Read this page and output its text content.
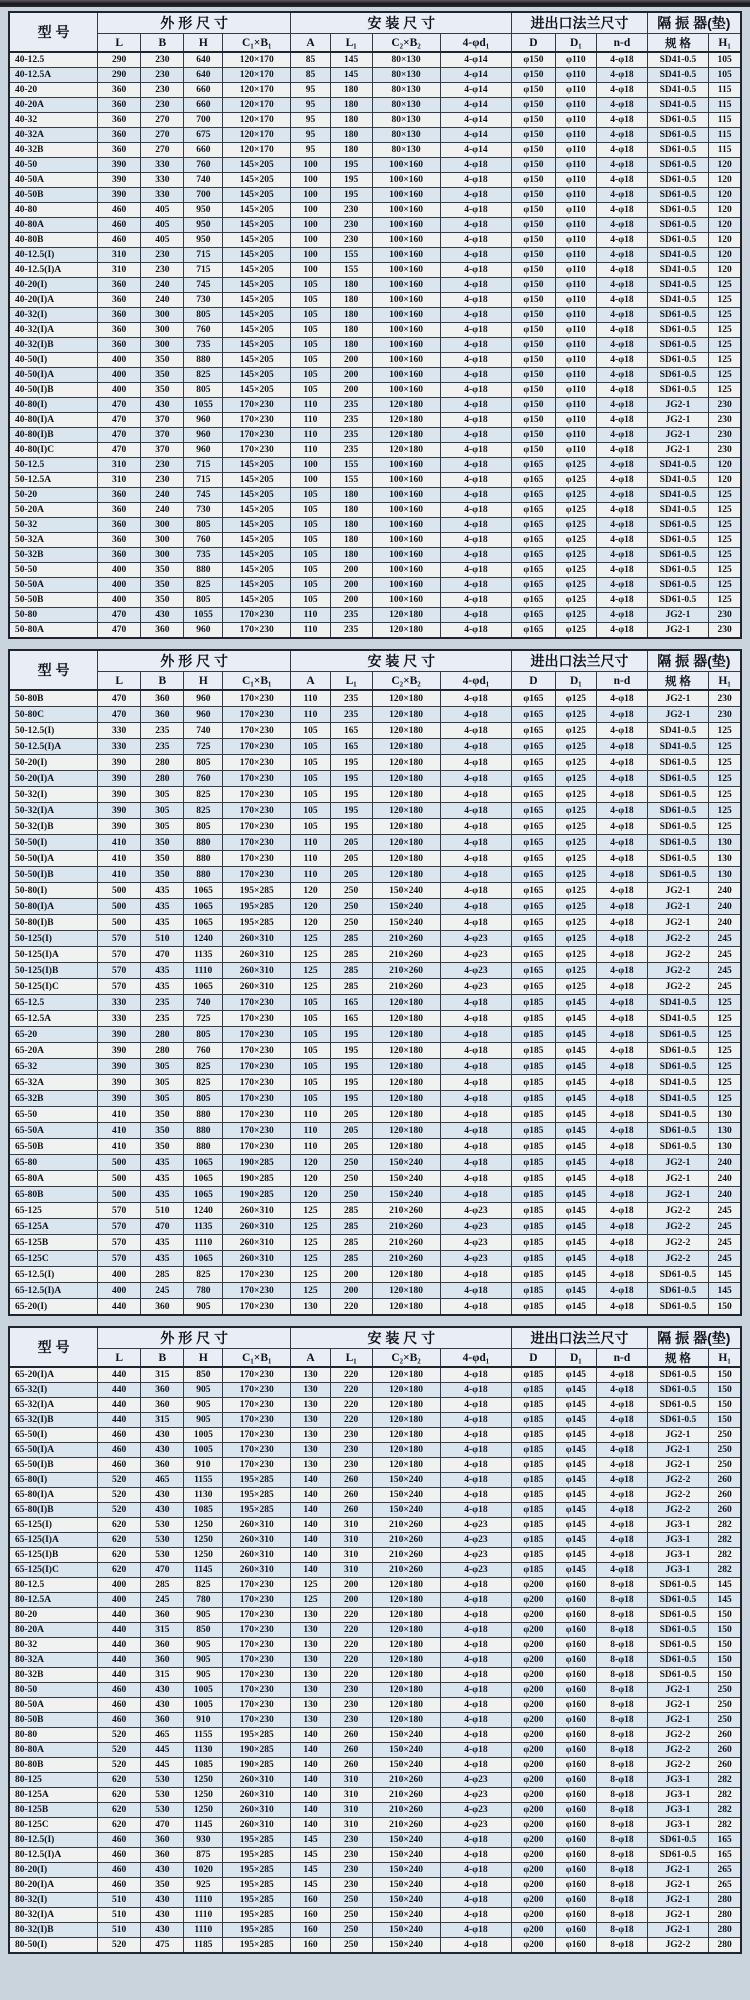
型 号	外 形 尺 寸				安 装 尺 寸				进出口法兰尺寸			隔 振 器(垫)	
	L	B	H	C₁×B₁	A	L₁	C₂×B₂	4-φd₁	D	D₁	n-d	规 格	H₁
40-12.5	290	230	640	120×170	85	145	80×130	4-φ14	φ150	φ110	4-φ18	SD41-0.5	105
40-12.5A	290	230	640	120×170	85	145	80×130	4-φ14	φ150	φ110	4-φ18	SD41-0.5	105
40-20	360	230	660	120×170	95	180	80×130	4-φ14	φ150	φ110	4-φ18	SD41-0.5	115
40-20A	360	230	660	120×170	95	180	80×130	4-φ14	φ150	φ110	4-φ18	SD41-0.5	115
40-32	360	270	700	120×170	95	180	80×130	4-φ14	φ150	φ110	4-φ18	SD61-0.5	115
40-32A	360	270	675	120×170	95	180	80×130	4-φ14	φ150	φ110	4-φ18	SD61-0.5	115
40-32B	360	270	660	120×170	95	180	80×130	4-φ14	φ150	φ110	4-φ18	SD61-0.5	115
40-50	390	330	760	145×205	100	195	100×160	4-φ18	φ150	φ110	4-φ18	SD61-0.5	120
40-50A	390	330	740	145×205	100	195	100×160	4-φ18	φ150	φ110	4-φ18	SD61-0.5	120
40-50B	390	330	700	145×205	100	195	100×160	4-φ18	φ150	φ110	4-φ18	SD61-0.5	120
40-80	460	405	950	145×205	100	230	100×160	4-φ18	φ150	φ110	4-φ18	SD61-0.5	120
40-80A	460	405	950	145×205	100	230	100×160	4-φ18	φ150	φ110	4-φ18	SD61-0.5	120
40-80B	460	405	950	145×205	100	230	100×160	4-φ18	φ150	φ110	4-φ18	SD61-0.5	120
40-12.5(I)	310	230	715	145×205	100	155	100×160	4-φ18	φ150	φ110	4-φ18	SD41-0.5	120
40-12.5(I)A	310	230	715	145×205	100	155	100×160	4-φ18	φ150	φ110	4-φ18	SD41-0.5	120
40-20(I)	360	240	745	145×205	105	180	100×160	4-φ18	φ150	φ110	4-φ18	SD41-0.5	125
40-20(I)A	360	240	730	145×205	105	180	100×160	4-φ18	φ150	φ110	4-φ18	SD41-0.5	125
40-32(I)	360	300	805	145×205	105	180	100×160	4-φ18	φ150	φ110	4-φ18	SD61-0.5	125
40-32(I)A	360	300	760	145×205	105	180	100×160	4-φ18	φ150	φ110	4-φ18	SD61-0.5	125
40-32(I)B	360	300	735	145×205	105	180	100×160	4-φ18	φ150	φ110	4-φ18	SD61-0.5	125
40-50(I)	400	350	880	145×205	105	200	100×160	4-φ18	φ150	φ110	4-φ18	SD61-0.5	125
40-50(I)A	400	350	825	145×205	105	200	100×160	4-φ18	φ150	φ110	4-φ18	SD61-0.5	125
40-50(I)B	400	350	805	145×205	105	200	100×160	4-φ18	φ150	φ110	4-φ18	SD61-0.5	125
40-80(I)	470	430	1055	170×230	110	235	120×180	4-φ18	φ150	φ110	4-φ18	JG2-1	230
40-80(I)A	470	370	960	170×230	110	235	120×180	4-φ18	φ150	φ110	4-φ18	JG2-1	230
40-80(I)B	470	370	960	170×230	110	235	120×180	4-φ18	φ150	φ110	4-φ18	JG2-1	230
40-80(I)C	470	370	960	170×230	110	235	120×180	4-φ18	φ150	φ110	4-φ18	JG2-1	230
50-12.5	310	230	715	145×205	100	155	100×160	4-φ18	φ165	φ125	4-φ18	SD41-0.5	120
50-12.5A	310	230	715	145×205	100	155	100×160	4-φ18	φ165	φ125	4-φ18	SD41-0.5	120
50-20	360	240	745	145×205	105	180	100×160	4-φ18	φ165	φ125	4-φ18	SD41-0.5	125
50-20A	360	240	730	145×205	105	180	100×160	4-φ18	φ165	φ125	4-φ18	SD41-0.5	125
50-32	360	300	805	145×205	105	180	100×160	4-φ18	φ165	φ125	4-φ18	SD61-0.5	125
50-32A	360	300	760	145×205	105	180	100×160	4-φ18	φ165	φ125	4-φ18	SD61-0.5	125
50-32B	360	300	735	145×205	105	180	100×160	4-φ18	φ165	φ125	4-φ18	SD61-0.5	125
50-50	400	350	880	145×205	105	200	100×160	4-φ18	φ165	φ125	4-φ18	SD61-0.5	125
50-50A	400	350	825	145×205	105	200	100×160	4-φ18	φ165	φ125	4-φ18	SD61-0.5	125
50-50B	400	350	805	145×205	105	200	100×160	4-φ18	φ165	φ125	4-φ18	SD61-0.5	125
50-80	470	430	1055	170×230	110	235	120×180	4-φ18	φ165	φ125	4-φ18	JG2-1	230
50-80A	470	360	960	170×230	110	235	120×180	4-φ18	φ165	φ125	4-φ18	JG2-1	230
型 号	外 形 尺 寸				安 装 尺 寸				进出口法兰尺寸			隔 振 器(垫)	
	L	B	H	C₁×B₁	A	L₁	C₂×B₂	4-φd₁	D	D₁	n-d	规 格	H₁
50-80B	470	360	960	170×230	110	235	120×180	4-φ18	φ165	φ125	4-φ18	JG2-1	230
50-80C	470	360	960	170×230	110	235	120×180	4-φ18	φ165	φ125	4-φ18	JG2-1	230
50-12.5(I)	330	235	740	170×230	105	165	120×180	4-φ18	φ165	φ125	4-φ18	SD41-0.5	125
50-12.5(I)A	330	235	725	170×230	105	165	120×180	4-φ18	φ165	φ125	4-φ18	SD41-0.5	125
50-20(I)	390	280	805	170×230	105	195	120×180	4-φ18	φ165	φ125	4-φ18	SD61-0.5	125
50-20(I)A	390	280	760	170×230	105	195	120×180	4-φ18	φ165	φ125	4-φ18	SD61-0.5	125
50-32(I)	390	305	825	170×230	105	195	120×180	4-φ18	φ165	φ125	4-φ18	SD61-0.5	125
50-32(I)A	390	305	825	170×230	105	195	120×180	4-φ18	φ165	φ125	4-φ18	SD61-0.5	125
50-32(I)B	390	305	805	170×230	105	195	120×180	4-φ18	φ165	φ125	4-φ18	SD61-0.5	125
50-50(I)	410	350	880	170×230	110	205	120×180	4-φ18	φ165	φ125	4-φ18	SD61-0.5	130
50-50(I)A	410	350	880	170×230	110	205	120×180	4-φ18	φ165	φ125	4-φ18	SD61-0.5	130
50-50(I)B	410	350	880	170×230	110	205	120×180	4-φ18	φ165	φ125	4-φ18	SD61-0.5	130
50-80(I)	500	435	1065	195×285	120	250	150×240	4-φ18	φ165	φ125	4-φ18	JG2-1	240
50-80(I)A	500	435	1065	195×285	120	250	150×240	4-φ18	φ165	φ125	4-φ18	JG2-1	240
50-80(I)B	500	435	1065	195×285	120	250	150×240	4-φ18	φ165	φ125	4-φ18	JG2-1	240
50-125(I)	570	510	1240	260×310	125	285	210×260	4-φ23	φ165	φ125	4-φ18	JG2-2	245
50-125(I)A	570	470	1135	260×310	125	285	210×260	4-φ23	φ165	φ125	4-φ18	JG2-2	245
50-125(I)B	570	435	1110	260×310	125	285	210×260	4-φ23	φ165	φ125	4-φ18	JG2-2	245
50-125(I)C	570	435	1065	260×310	125	285	210×260	4-φ23	φ165	φ125	4-φ18	JG2-2	245
65-12.5	330	235	740	170×230	105	165	120×180	4-φ18	φ185	φ145	4-φ18	SD41-0.5	125
65-12.5A	330	235	725	170×230	105	165	120×180	4-φ18	φ185	φ145	4-φ18	SD41-0.5	125
65-20	390	280	805	170×230	105	195	120×180	4-φ18	φ185	φ145	4-φ18	SD61-0.5	125
65-20A	390	280	760	170×230	105	195	120×180	4-φ18	φ185	φ145	4-φ18	SD61-0.5	125
65-32	390	305	825	170×230	105	195	120×180	4-φ18	φ185	φ145	4-φ18	SD61-0.5	125
65-32A	390	305	825	170×230	105	195	120×180	4-φ18	φ185	φ145	4-φ18	SD41-0.5	125
65-32B	390	305	805	170×230	105	195	120×180	4-φ18	φ185	φ145	4-φ18	SD41-0.5	125
65-50	410	350	880	170×230	110	205	120×180	4-φ18	φ185	φ145	4-φ18	SD41-0.5	130
65-50A	410	350	880	170×230	110	205	120×180	4-φ18	φ185	φ145	4-φ18	SD61-0.5	130
65-50B	410	350	880	170×230	110	205	120×180	4-φ18	φ185	φ145	4-φ18	SD61-0.5	130
65-80	500	435	1065	190×285	120	250	150×240	4-φ18	φ185	φ145	4-φ18	JG2-1	240
65-80A	500	435	1065	190×285	120	250	150×240	4-φ18	φ185	φ145	4-φ18	JG2-1	240
65-80B	500	435	1065	190×285	120	250	150×240	4-φ18	φ185	φ145	4-φ18	JG2-1	240
65-125	570	510	1240	260×310	125	285	210×260	4-φ23	φ185	φ145	4-φ18	JG2-2	245
65-125A	570	470	1135	260×310	125	285	210×260	4-φ23	φ185	φ145	4-φ18	JG2-2	245
65-125B	570	435	1110	260×310	125	285	210×260	4-φ23	φ185	φ145	4-φ18	JG2-2	245
65-125C	570	435	1065	260×310	125	285	210×260	4-φ23	φ185	φ145	4-φ18	JG2-2	245
65-12.5(I)	400	285	825	170×230	125	200	120×180	4-φ18	φ185	φ145	4-φ18	SD61-0.5	145
65-12.5(I)A	400	245	780	170×230	125	200	120×180	4-φ18	φ185	φ145	4-φ18	SD61-0.5	145
65-20(I)	440	360	905	170×230	130	220	120×180	4-φ18	φ185	φ145	4-φ18	SD61-0.5	150
型 号	外 形 尺 寸				安 装 尺 寸				进出口法兰尺寸			隔 振 器(垫)	
	L	B	H	C₁×B₁	A	L₁	C₂×B₂	4-φd₁	D	D₁	n-d	规 格	H₁
65-20(I)A	440	315	850	170×230	130	220	120×180	4-φ18	φ185	φ145	4-φ18	SD61-0.5	150
65-32(I)	440	360	905	170×230	130	220	120×180	4-φ18	φ185	φ145	4-φ18	SD61-0.5	150
65-32(I)A	440	360	905	170×230	130	220	120×180	4-φ18	φ185	φ145	4-φ18	SD61-0.5	150
65-32(I)B	440	315	905	170×230	130	220	120×180	4-φ18	φ185	φ145	4-φ18	SD61-0.5	150
65-50(I)	460	430	1005	170×230	130	230	120×180	4-φ18	φ185	φ145	4-φ18	JG2-1	250
65-50(I)A	460	430	1005	170×230	130	230	120×180	4-φ18	φ185	φ145	4-φ18	JG2-1	250
65-50(I)B	460	360	910	170×230	130	230	120×180	4-φ18	φ185	φ145	4-φ18	JG2-1	250
65-80(I)	520	465	1155	195×285	140	260	150×240	4-φ18	φ185	φ145	4-φ18	JG2-2	260
65-80(I)A	520	430	1130	195×285	140	260	150×240	4-φ18	φ185	φ145	4-φ18	JG2-2	260
65-80(I)B	520	430	1085	195×285	140	260	150×240	4-φ18	φ185	φ145	4-φ18	JG2-2	260
65-125(I)	620	530	1250	260×310	140	310	210×260	4-φ23	φ185	φ145	4-φ18	JG3-1	282
65-125(I)A	620	530	1250	260×310	140	310	210×260	4-φ23	φ185	φ145	4-φ18	JG3-1	282
65-125(I)B	620	530	1250	260×310	140	310	210×260	4-φ23	φ185	φ145	4-φ18	JG3-1	282
65-125(I)C	620	470	1145	260×310	140	310	210×260	4-φ23	φ185	φ145	4-φ18	JG3-1	282
80-12.5	400	285	825	170×230	125	200	120×180	4-φ18	φ200	φ160	8-φ18	SD61-0.5	145
80-12.5A	400	245	780	170×230	125	200	120×180	4-φ18	φ200	φ160	8-φ18	SD61-0.5	145
80-20	440	360	905	170×230	130	220	120×180	4-φ18	φ200	φ160	8-φ18	SD61-0.5	150
80-20A	440	315	850	170×230	130	220	120×180	4-φ18	φ200	φ160	8-φ18	SD61-0.5	150
80-32	440	360	905	170×230	130	220	120×180	4-φ18	φ200	φ160	8-φ18	SD61-0.5	150
80-32A	440	360	905	170×230	130	220	120×180	4-φ18	φ200	φ160	8-φ18	SD61-0.5	150
80-32B	440	315	905	170×230	130	220	120×180	4-φ18	φ200	φ160	8-φ18	SD61-0.5	150
80-50	460	430	1005	170×230	130	230	120×180	4-φ18	φ200	φ160	8-φ18	JG2-1	250
80-50A	460	430	1005	170×230	130	230	120×180	4-φ18	φ200	φ160	8-φ18	JG2-1	250
80-50B	460	360	910	170×230	130	230	120×180	4-φ18	φ200	φ160	8-φ18	JG2-1	250
80-80	520	465	1155	195×285	140	260	150×240	4-φ18	φ200	φ160	8-φ18	JG2-2	260
80-80A	520	445	1130	190×285	140	260	150×240	4-φ18	φ200	φ160	8-φ18	JG2-2	260
80-80B	520	445	1085	190×285	140	260	150×240	4-φ18	φ200	φ160	8-φ18	JG2-2	260
80-125	620	530	1250	260×310	140	310	210×260	4-φ23	φ200	φ160	8-φ18	JG3-1	282
80-125A	620	530	1250	260×310	140	310	210×260	4-φ23	φ200	φ160	8-φ18	JG3-1	282
80-125B	620	530	1250	260×310	140	310	210×260	4-φ23	φ200	φ160	8-φ18	JG3-1	282
80-125C	620	470	1145	260×310	140	310	210×260	4-φ23	φ200	φ160	8-φ18	JG3-1	282
80-12.5(I)	460	360	930	195×285	145	230	150×240	4-φ18	φ200	φ160	8-φ18	SD61-0.5	165
80-12.5(I)A	460	360	875	195×285	145	230	150×240	4-φ18	φ200	φ160	8-φ18	SD61-0.5	165
80-20(I)	460	430	1020	195×285	145	230	150×240	4-φ18	φ200	φ160	8-φ18	JG2-1	265
80-20(I)A	460	350	925	195×285	145	230	150×240	4-φ18	φ200	φ160	8-φ18	JG2-1	265
80-32(I)	510	430	1110	195×285	160	250	150×240	4-φ18	φ200	φ160	8-φ18	JG2-1	280
80-32(I)A	510	430	1110	195×285	160	250	150×240	4-φ18	φ200	φ160	8-φ18	JG2-1	280
80-32(I)B	510	430	1110	195×285	160	250	150×240	4-φ18	φ200	φ160	8-φ18	JG2-1	280
80-50(I)	520	475	1185	195×285	160	250	150×240	4-φ18	φ200	φ160	8-φ18	JG2-2	280
